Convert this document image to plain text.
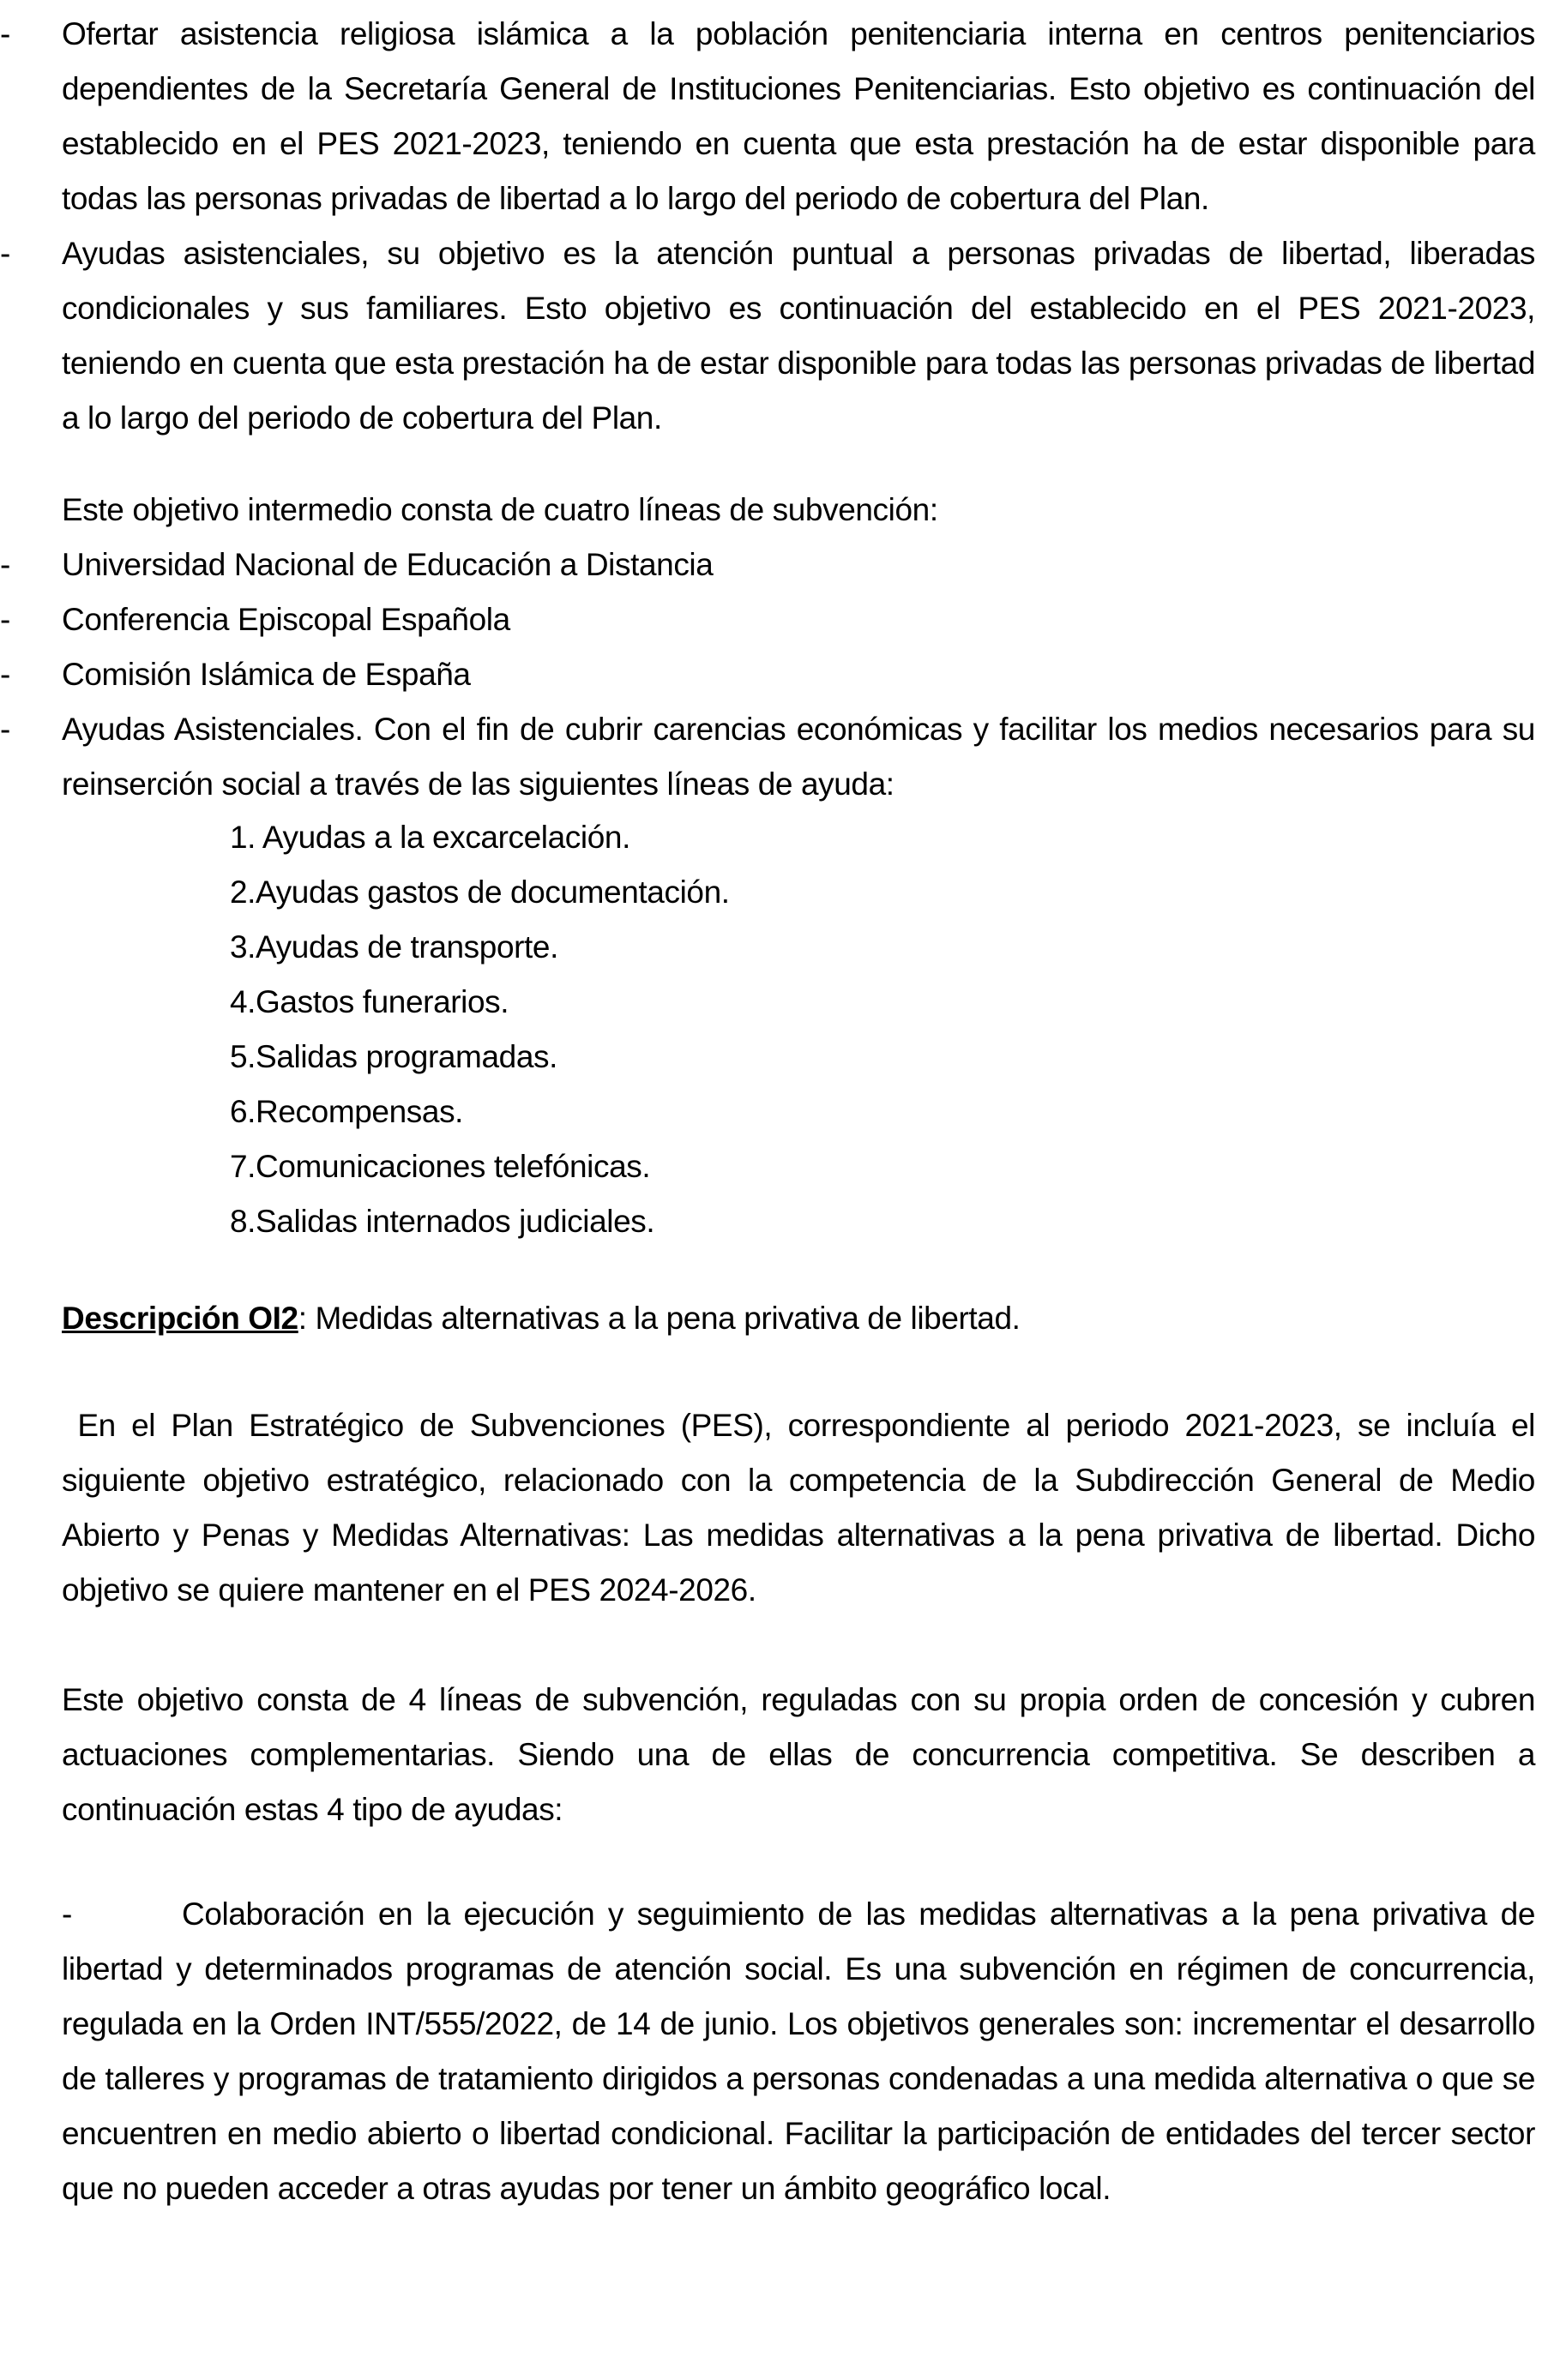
-	Ofertar asistencia religiosa islámica a la población penitenciaria interna en centros penitenciarios dependientes de la Secretaría General de Instituciones Penitenciarias. Esto objetivo es continuación del establecido en el PES 2021-2023, teniendo en cuenta que esta prestación ha de estar disponible para todas las personas privadas de libertad a lo largo del periodo de cobertura del Plan.
-	Ayudas asistenciales, su objetivo es la atención puntual a personas privadas de libertad, liberadas condicionales y sus familiares. Esto objetivo es continuación del establecido en el PES 2021-2023, teniendo en cuenta que esta prestación ha de estar disponible para todas las personas privadas de libertad a lo largo del periodo de cobertura del Plan.
Este objetivo intermedio consta de cuatro líneas de subvención:
-	Universidad Nacional de Educación a Distancia
-	Conferencia Episcopal Española
-	Comisión Islámica de España
-	Ayudas Asistenciales. Con el fin de cubrir carencias económicas y facilitar los medios necesarios para su reinserción social a través de las siguientes líneas de ayuda:
1. Ayudas a la excarcelación.
2.Ayudas gastos de documentación.
3.Ayudas de transporte.
4.Gastos funerarios.
5.Salidas programadas.
6.Recompensas.
7.Comunicaciones telefónicas.
8.Salidas internados judiciales.
Descripción OI2: Medidas alternativas a la pena privativa de libertad.
En el Plan Estratégico de Subvenciones (PES), correspondiente al periodo 2021-2023, se incluía el siguiente objetivo estratégico, relacionado con la competencia de la Subdirección General de Medio Abierto y Penas y Medidas Alternativas: Las medidas alternativas a la pena privativa de libertad. Dicho objetivo se quiere mantener en el PES 2024-2026.
Este objetivo consta de 4 líneas de subvención, reguladas con su propia orden de concesión y cubren actuaciones complementarias. Siendo una de ellas de concurrencia competitiva. Se describen a continuación estas 4 tipo de ayudas:
-	Colaboración en la ejecución y seguimiento de las medidas alternativas a la pena privativa de libertad y determinados programas de atención social. Es una subvención en régimen de concurrencia, regulada en la Orden INT/555/2022, de 14 de junio. Los objetivos generales son: incrementar el desarrollo de talleres y programas de tratamiento dirigidos a personas condenadas a una medida alternativa o que se encuentren en medio abierto o libertad condicional. Facilitar la participación de entidades del tercer sector que no pueden acceder a otras ayudas por tener un ámbito geográfico local.
